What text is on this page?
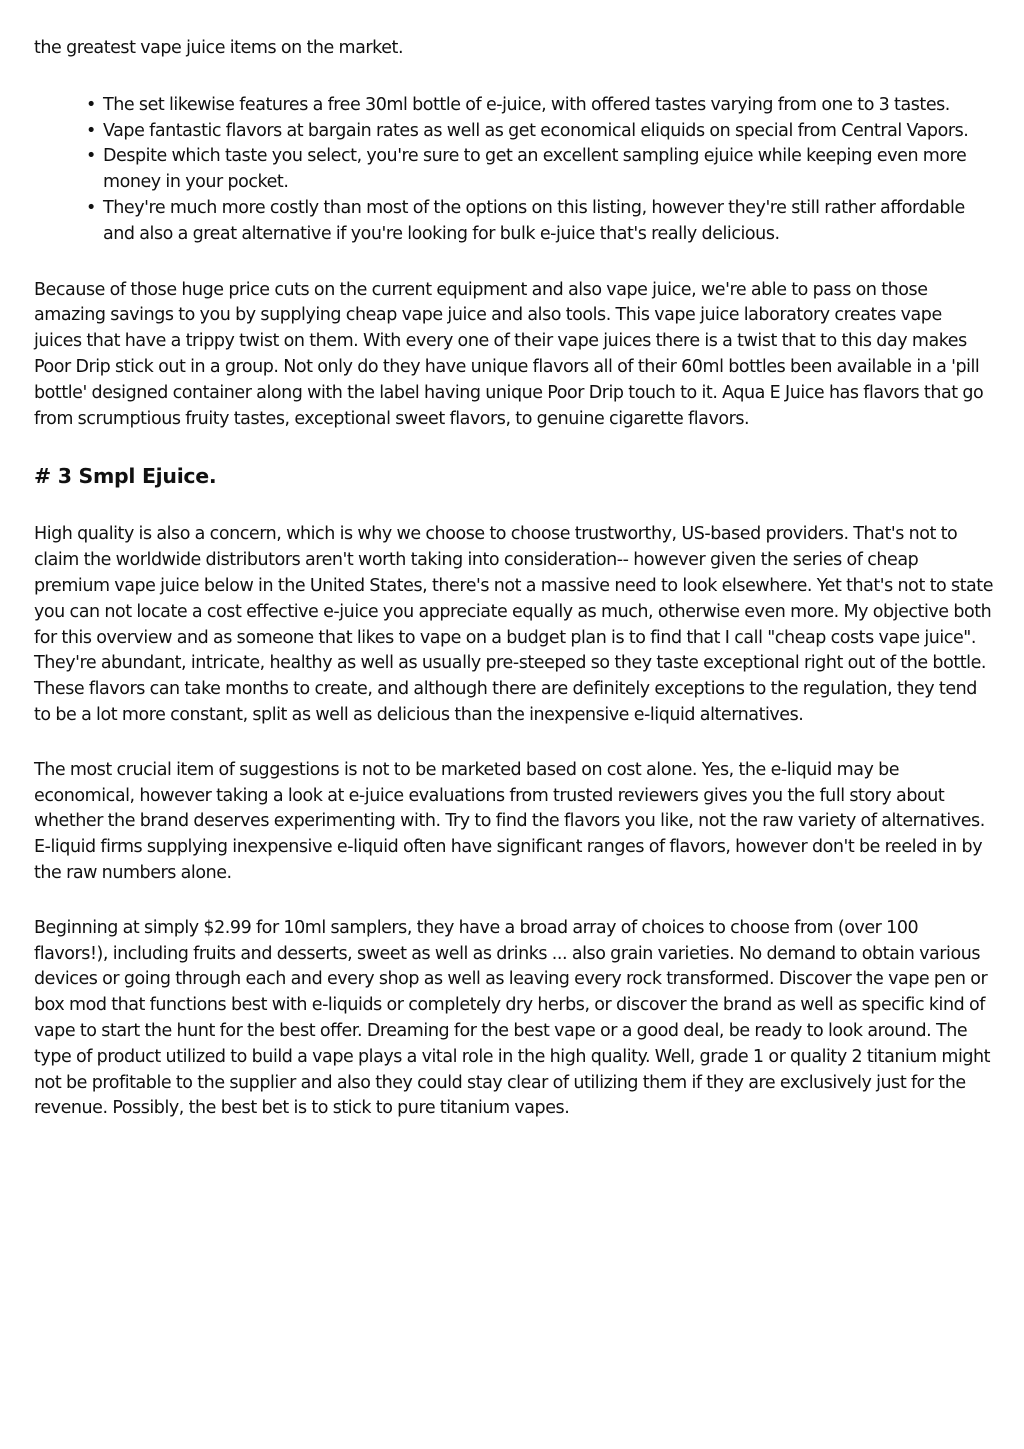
the greatest vape juice items on the market.

• The set likewise features a free 30ml bottle of e-juice, with offered tastes varying from one to 3 tastes.
• Vape fantastic flavors at bargain rates as well as get economical eliquids on special from Central Vapors.
• Despite which taste you select, you're sure to get an excellent sampling ejuice while keeping even more money in your pocket.
• They're much more costly than most of the options on this listing, however they're still rather affordable and also a great alternative if you're looking for bulk e-juice that's really delicious.

Because of those huge price cuts on the current equipment and also vape juice, we're able to pass on those amazing savings to you by supplying cheap vape juice and also tools. This vape juice laboratory creates vape juices that have a trippy twist on them. With every one of their vape juices there is a twist that to this day makes Poor Drip stick out in a group. Not only do they have unique flavors all of their 60ml bottles been available in a 'pill bottle' designed container along with the label having unique Poor Drip touch to it. Aqua E Juice has flavors that go from scrumptious fruity tastes, exceptional sweet flavors, to genuine cigarette flavors.

# 3 Smpl Ejuice.

High quality is also a concern, which is why we choose to choose trustworthy, US-based providers. That's not to claim the worldwide distributors aren't worth taking into consideration-- however given the series of cheap premium vape juice below in the United States, there's not a massive need to look elsewhere. Yet that's not to state you can not locate a cost effective e-juice you appreciate equally as much, otherwise even more. My objective both for this overview and as someone that likes to vape on a budget plan is to find that I call "cheap costs vape juice". They're abundant, intricate, healthy as well as usually pre-steeped so they taste exceptional right out of the bottle. These flavors can take months to create, and although there are definitely exceptions to the regulation, they tend to be a lot more constant, split as well as delicious than the inexpensive e-liquid alternatives.

The most crucial item of suggestions is not to be marketed based on cost alone. Yes, the e-liquid may be economical, however taking a look at e-juice evaluations from trusted reviewers gives you the full story about whether the brand deserves experimenting with. Try to find the flavors you like, not the raw variety of alternatives. E-liquid firms supplying inexpensive e-liquid often have significant ranges of flavors, however don't be reeled in by the raw numbers alone.

Beginning at simply $2.99 for 10ml samplers, they have a broad array of choices to choose from (over 100 flavors!), including fruits and desserts, sweet as well as drinks ... also grain varieties. No demand to obtain various devices or going through each and every shop as well as leaving every rock transformed. Discover the vape pen or box mod that functions best with e-liquids or completely dry herbs, or discover the brand as well as specific kind of vape to start the hunt for the best offer. Dreaming for the best vape or a good deal, be ready to look around. The type of product utilized to build a vape plays a vital role in the high quality. Well, grade 1 or quality 2 titanium might not be profitable to the supplier and also they could stay clear of utilizing them if they are exclusively just for the revenue. Possibly, the best bet is to stick to pure titanium vapes.
